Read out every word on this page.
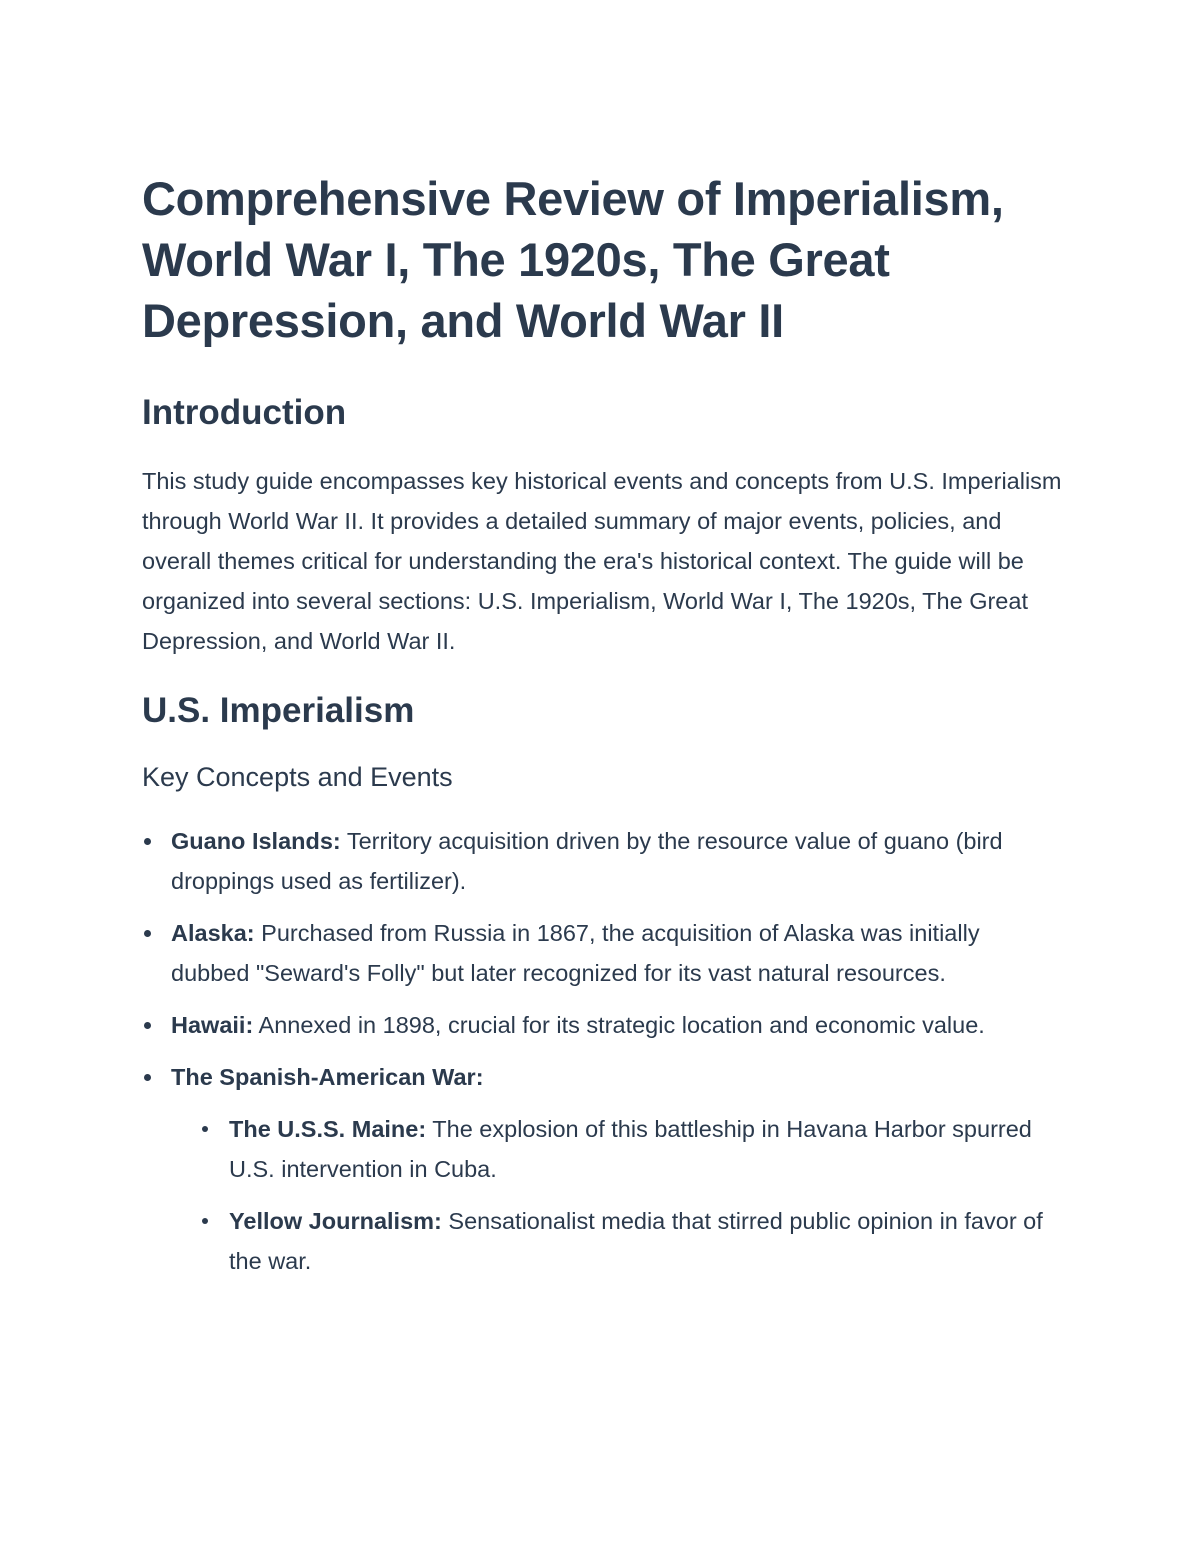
Comprehensive Review of Imperialism, World War I, The 1920s, The Great Depression, and World War II
Introduction

This study guide encompasses key historical events and concepts from U.S. Imperialism through World War II. It provides a detailed summary of major events, policies, and overall themes critical for understanding the era's historical context. The guide will be organized into several sections: U.S. Imperialism, World War I, The 1920s, The Great Depression, and World War II.

U.S. Imperialism
Key Concepts and Events
Guano Islands: Territory acquisition driven by the resource value of guano (bird droppings used as fertilizer).
Alaska: Purchased from Russia in 1867, the acquisition of Alaska was initially dubbed "Seward's Folly" but later recognized for its vast natural resources.
Hawaii: Annexed in 1898, crucial for its strategic location and economic value.
The Spanish-American War:
The U.S.S. Maine: The explosion of this battleship in Havana Harbor spurred U.S. intervention in Cuba.
Yellow Journalism: Sensationalist media that stirred public opinion in favor of the war.
